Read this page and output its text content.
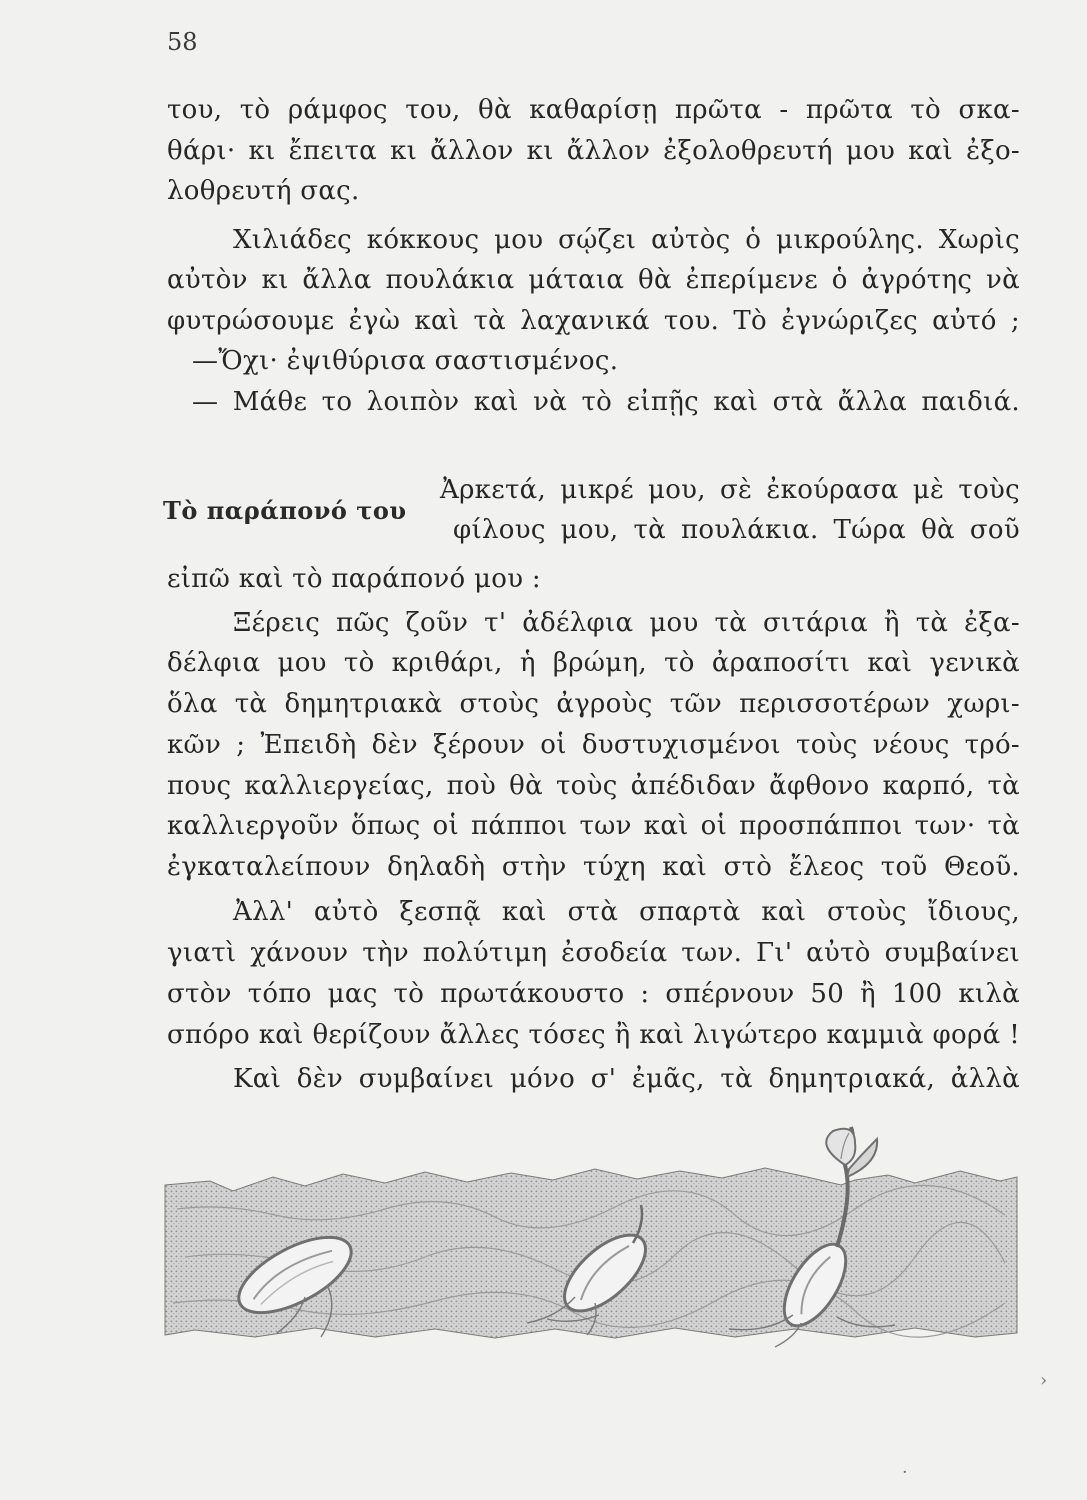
58
του, τὸ ράμφος του, θὰ καθαρίσῃ πρῶτα - πρῶτα τὸ σκα-
θάρι· κι ἔπειτα κι ἄλλον κι ἄλλον ἐξολοθρευτή μου καὶ ἐξο-
λοθρευτή σας.
Χιλιάδες κόκκους μου σῴζει αὐτὸς ὁ μικρούλης. Χωρὶς
αὐτὸν κι ἄλλα πουλάκια μάταια θὰ ἐπερίμενε ὁ ἀγρότης νὰ
φυτρώσουμε ἐγὼ καὶ τὰ λαχανικά του. Τὸ ἐγνώριζες αὐτό ;
—Ὄχι· ἐψιθύρισα σαστισμένος.
— Μάθε το λοιπὸν καὶ νὰ τὸ εἰπῇς καὶ στὰ ἄλλα παιδιά.
Τὸ παράπονό του
Ἀρκετά, μικρέ μου, σὲ ἐκούρασα μὲ τοὺς
φίλους μου, τὰ πουλάκια. Τώρα θὰ σοῦ
εἰπῶ καὶ τὸ παράπονό μου :
Ξέρεις πῶς ζοῦν τ' ἀδέλφια μου τὰ σιτάρια ἢ τὰ ἐξα-
δέλφια μου τὸ κριθάρι, ἡ βρώμη, τὸ ἀραποσίτι καὶ γενικὰ
ὅλα τὰ δημητριακὰ στοὺς ἀγροὺς τῶν περισσοτέρων χωρι-
κῶν ; Ἐπειδὴ δὲν ξέρουν οἱ δυστυχισμένοι τοὺς νέους τρό-
πους καλλιεργείας, ποὺ θὰ τοὺς ἀπέδιδαν ἄφθονο καρπό, τὰ
καλλιεργοῦν ὅπως οἱ πάπποι των καὶ οἱ προσπάπποι των· τὰ
ἐγκαταλείπουν δηλαδὴ στὴν τύχη καὶ στὸ ἔλεος τοῦ Θεοῦ.
Ἀλλ' αὐτὸ ξεσπᾷ καὶ στὰ σπαρτὰ καὶ στοὺς ἴδιους,
γιατὶ χάνουν τὴν πολύτιμη ἐσοδεία των. Γι' αὐτὸ συμβαίνει
στὸν τόπο μας τὸ πρωτάκουστο : σπέρνουν 50 ἢ 100 κιλὰ
σπόρο καὶ θερίζουν ἄλλες τόσες ἢ καὶ λιγώτερο καμμιὰ φορά !
Καὶ δὲν συμβαίνει μόνο σ' ἐμᾶς, τὰ δημητριακά, ἀλλὰ
›
·
